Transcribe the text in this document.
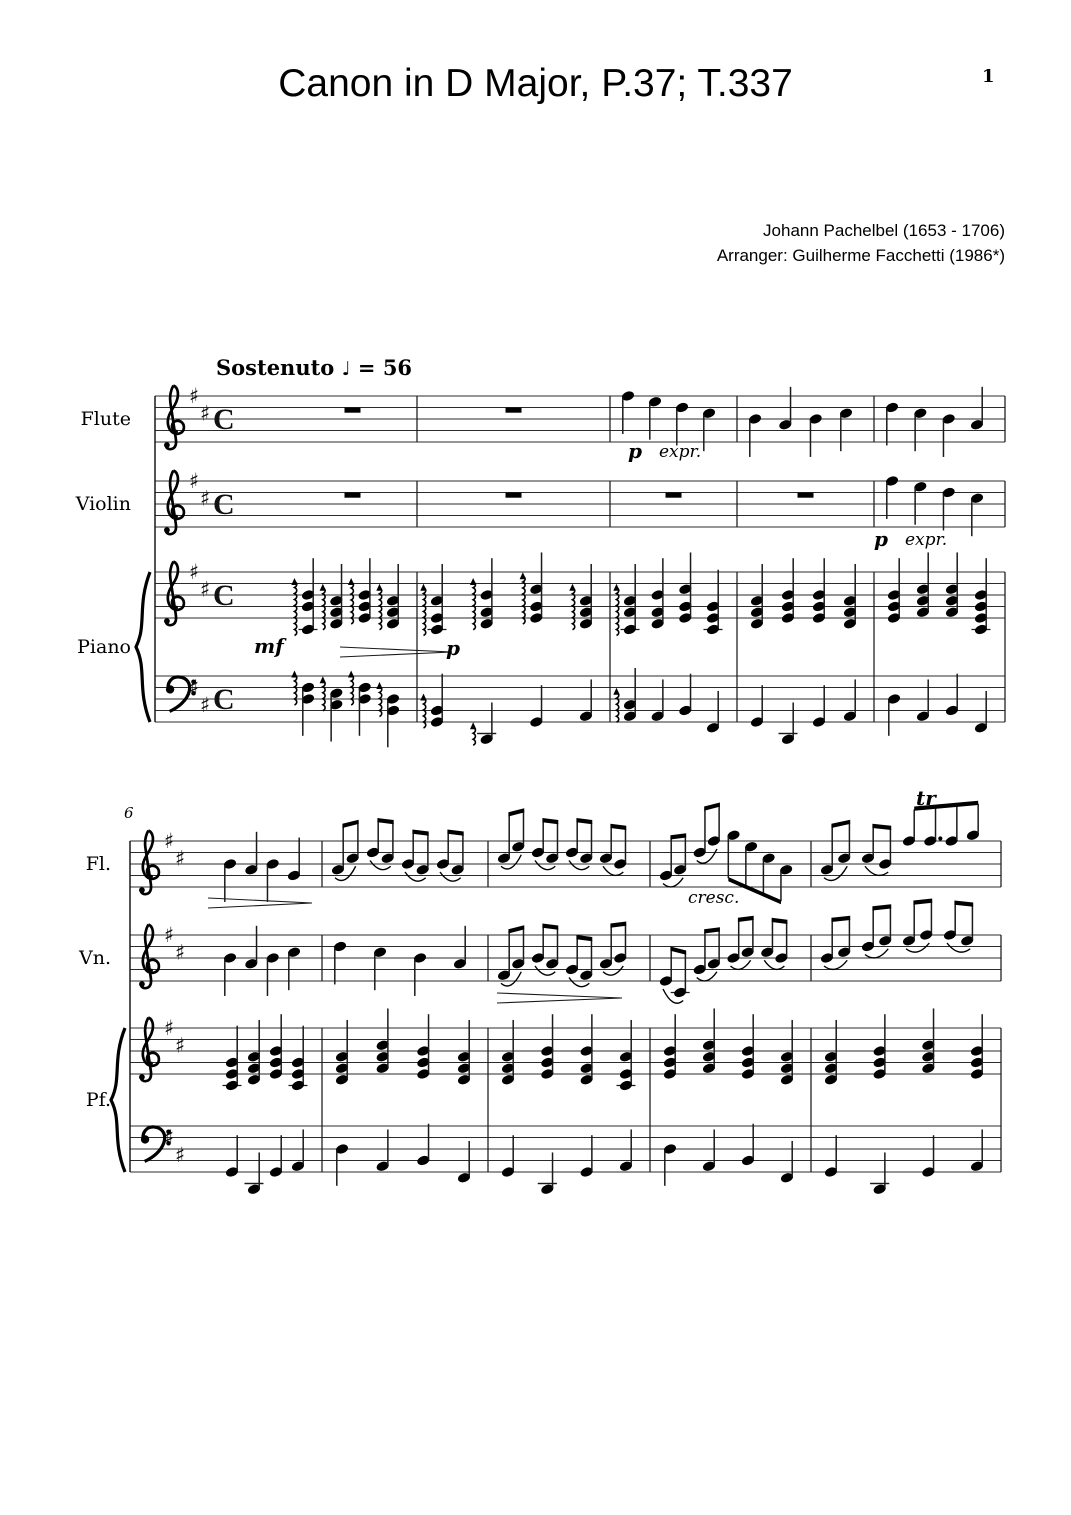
♯
♯ C
♯
♯ C
♯
♯ C
♯
♯ C
♯
♯
♯
♯
♯
♯
♯
♯
Canon in D Major, P.37; T.337	1
Johann Pachelbel (1653 - 1706)
Arranger: Guilherme Facchetti (1986*)
Sostenuto ♩ = 56
Flute
Violin
Piano
Fl.
Vn.
Pf.
p expr.
p expr.
mf	p
cresc.
tr
6
